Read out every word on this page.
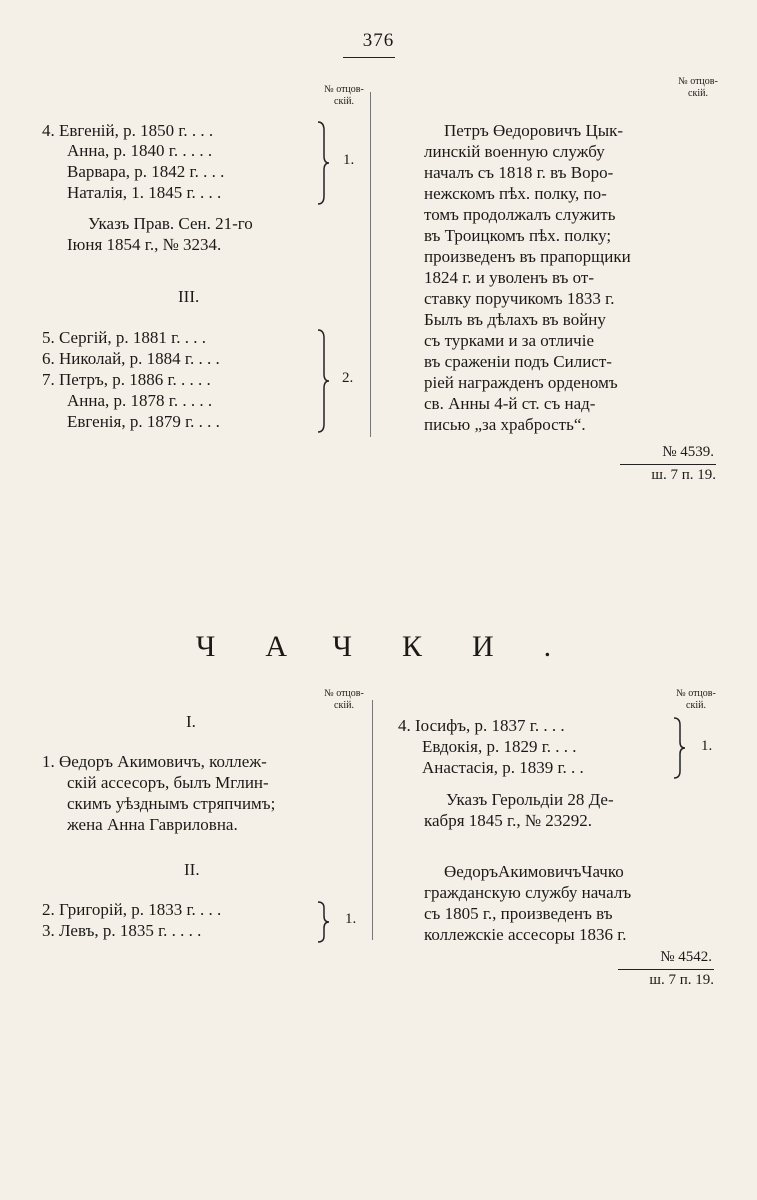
376
№ отцов-
скій.
№ отцов-
скій.
4. Евгеній, р. 1850 г. . . .
Анна, р. 1840 г. . . . .
Варвара, р. 1842 г. . . .
Наталія, 1. 1845 г. . . .
1.
Указъ Прав. Сен. 21-го
Іюня 1854 г., № 3234.
III.
5. Сергій, р. 1881 г. . . .
6. Николай, р. 1884 г. . . .
7. Петръ, р. 1886 г. . . . .
Анна, р. 1878 г. . . . .
Евгенія, р. 1879 г. . . .
2.
Петръ Өедоровичъ Цык-
линскій военную службу
началъ съ 1818 г. въ Воро-
нежскомъ пѣх. полку, по-
томъ продолжалъ служить
въ Троицкомъ пѣх. полку;
произведенъ въ прапорщики
1824 г. и уволенъ въ от-
ставку поручикомъ 1833 г.
Былъ въ дѣлахъ въ войну
съ турками и за отличіе
въ сраженіи подъ Силист-
ріей награжденъ орденомъ
св. Анны 4-й ст. съ над-
писью „за храбрость“.
№ 4539.
ш. 7 п. 19.
ЧАЧКИ.
№ отцов-
скій.
№ отцов-
скій.
I.
1. Өедоръ Акимовичъ, коллеж-
скій ассесоръ, былъ Мглин-
скимъ уѣзднымъ стряпчимъ;
жена Анна Гавриловна.
II.
2. Григорій, р. 1833 г. . . .
3. Левъ, р. 1835 г. . . . .
1.
4. Іосифъ, р. 1837 г. . . .
Евдокія, р. 1829 г. . . .
Анастасія, р. 1839 г. . .
1.
Указъ Герольдіи 28 Де-
кабря 1845 г., № 23292.
ӨедоръАкимовичъЧачко
гражданскую службу началъ
съ 1805 г., произведенъ въ
коллежскіе ассесоры 1836 г.
№ 4542.
ш. 7 п. 19.
